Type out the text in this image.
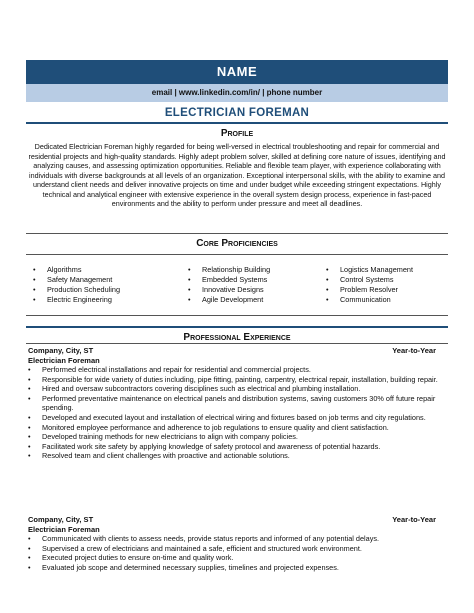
NAME
email | www.linkedin.com/in/ | phone number
ELECTRICIAN FOREMAN
Profile
Dedicated Electrician Foreman highly regarded for being well-versed in electrical troubleshooting and repair for commercial and residential projects and high-quality standards. Highly adept problem solver, skilled at defining core nature of issues, identifying and analyzing causes, and assessing optimization opportunities. Reliable and flexible team player, with experience collaborating with individuals with diverse backgrounds at all levels of an organization. Exceptional interpersonal skills, with the ability to examine and understand client needs and deliver innovative projects on time and under budget while exceeding stringent expectations. Highly technical and analytical engineer with extensive experience in the overall system design process, experience in fast-paced environments and the ability to perform under pressure and meet all deadlines.
Core Proficiencies
• Algorithms
• Safety Management
• Production Scheduling
• Electric Engineering
• Relationship Building
• Embedded Systems
• Innovative Designs
• Agile Development
• Logistics Management
• Control Systems
• Problem Resolver
• Communication
Professional Experience
Company, City, ST
Electrician Foreman
Year-to-Year
• Performed electrical installations and repair for residential and commercial projects.
• Responsible for wide variety of duties including, pipe fitting, painting, carpentry, electrical repair, installation, building repair.
• Hired and oversaw subcontractors covering disciplines such as electrical and plumbing installation.
• Performed preventative maintenance on electrical panels and distribution systems, saving customers 30% off future repair spending.
• Developed and executed layout and installation of electrical wiring and fixtures based on job terms and city regulations.
• Monitored employee performance and adherence to job regulations to ensure quality and client satisfaction.
• Developed training methods for new electricians to align with company policies.
• Facilitated work site safety by applying knowledge of safety protocol and awareness of potential hazards.
• Resolved team and client challenges with proactive and actionable solutions.
Company, City, ST
Electrician Foreman
Year-to-Year
• Communicated with clients to assess needs, provide status reports and informed of any potential delays.
• Supervised a crew of electricians and maintained a safe, efficient and structured work environment.
• Executed project duties to ensure on-time and quality work.
• Evaluated job scope and determined necessary supplies, timelines and projected expenses.
